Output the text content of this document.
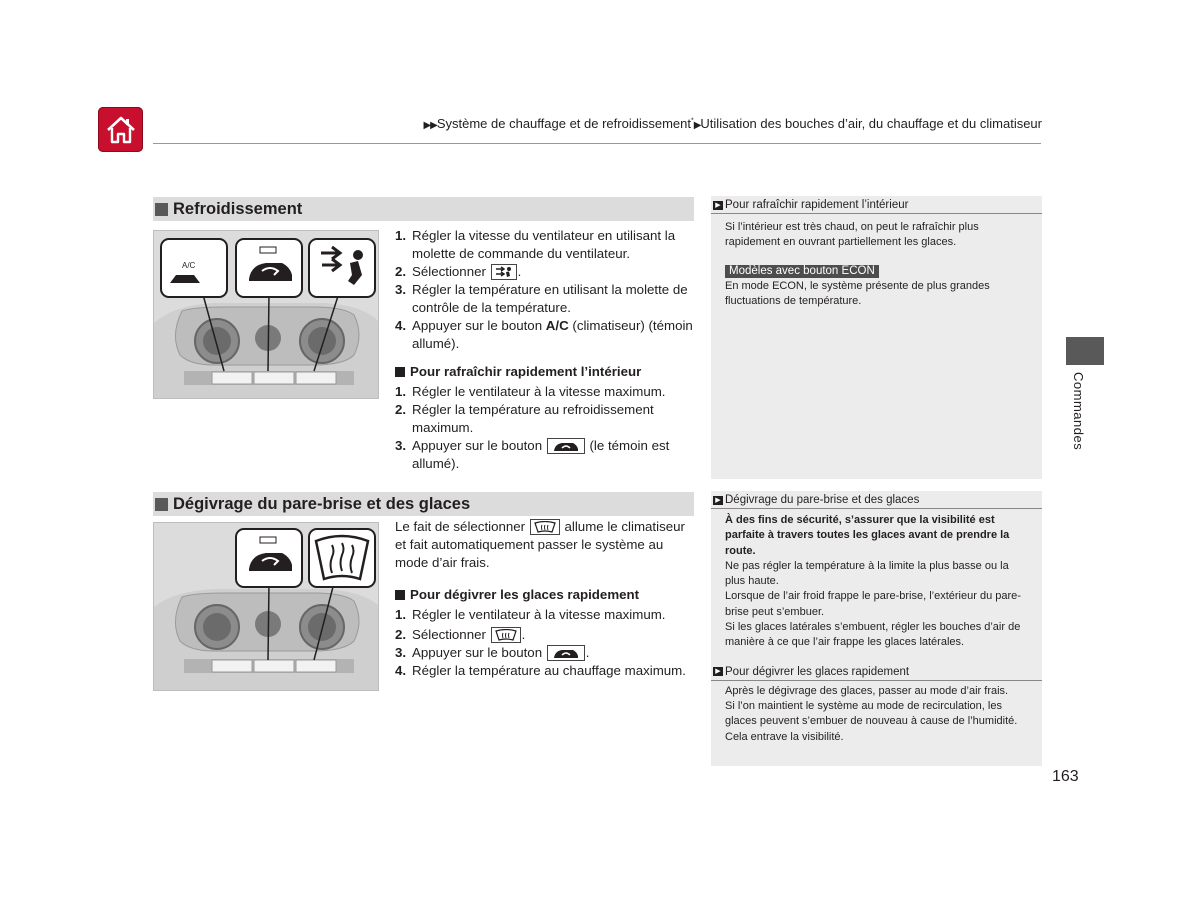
▶▶Système de chauffage et de refroidissement*▶Utilisation des bouches d’air, du chauffage et du climatiseur
Refroidissement
A/C
1. Régler la vitesse du ventilateur en utilisant la molette de commande du ventilateur.
2. Sélectionner
.
3. Régler la température en utilisant la molette de contrôle de la température.
4. Appuyer sur le bouton A/C (climatiseur) (témoin allumé).
Pour rafraîchir rapidement l’intérieur
1. Régler le ventilateur à la vitesse maximum.
2. Régler la température au refroidissement maximum.
3. Appuyer sur le bouton	(le témoin est allumé).
▶ Pour rafraîchir rapidement l’intérieur

Si l’intérieur est très chaud, on peut le rafraîchir plus rapidement en ouvrant partiellement les glaces.

Modèles avec bouton ECON

En mode ECON, le système présente de plus grandes fluctuations de température.

Dégivrage du pare-brise et des glaces

Le fait de sélectionner
allume le climatiseur et fait automatiquement passer le système au mode d’air frais.

Pour dégivrer les glaces rapidement
1. Régler le ventilateur à la vitesse maximum.
2. Sélectionner
.
3. Appuyer sur le bouton	.
4. Régler la température au chauffage maximum.
▶ Dégivrage du pare-brise et des glaces

À des fins de sécurité, s’assurer que la visibilité est parfaite à travers toutes les glaces avant de prendre la route.

Ne pas régler la température à la limite la plus basse ou la plus haute.

Lorsque de l’air froid frappe le pare-brise, l’extérieur du pare-brise peut s’embuer.

Si les glaces latérales s’embuent, régler les bouches d’air de manière à ce que l’air frappe les glaces latérales.

▶ Pour dégivrer les glaces rapidement

Après le dégivrage des glaces, passer au mode d’air frais.

Si l’on maintient le système au mode de recirculation, les glaces peuvent s’embuer de nouveau à cause de l’humidité. Cela entrave la visibilité.

Commandes
163
